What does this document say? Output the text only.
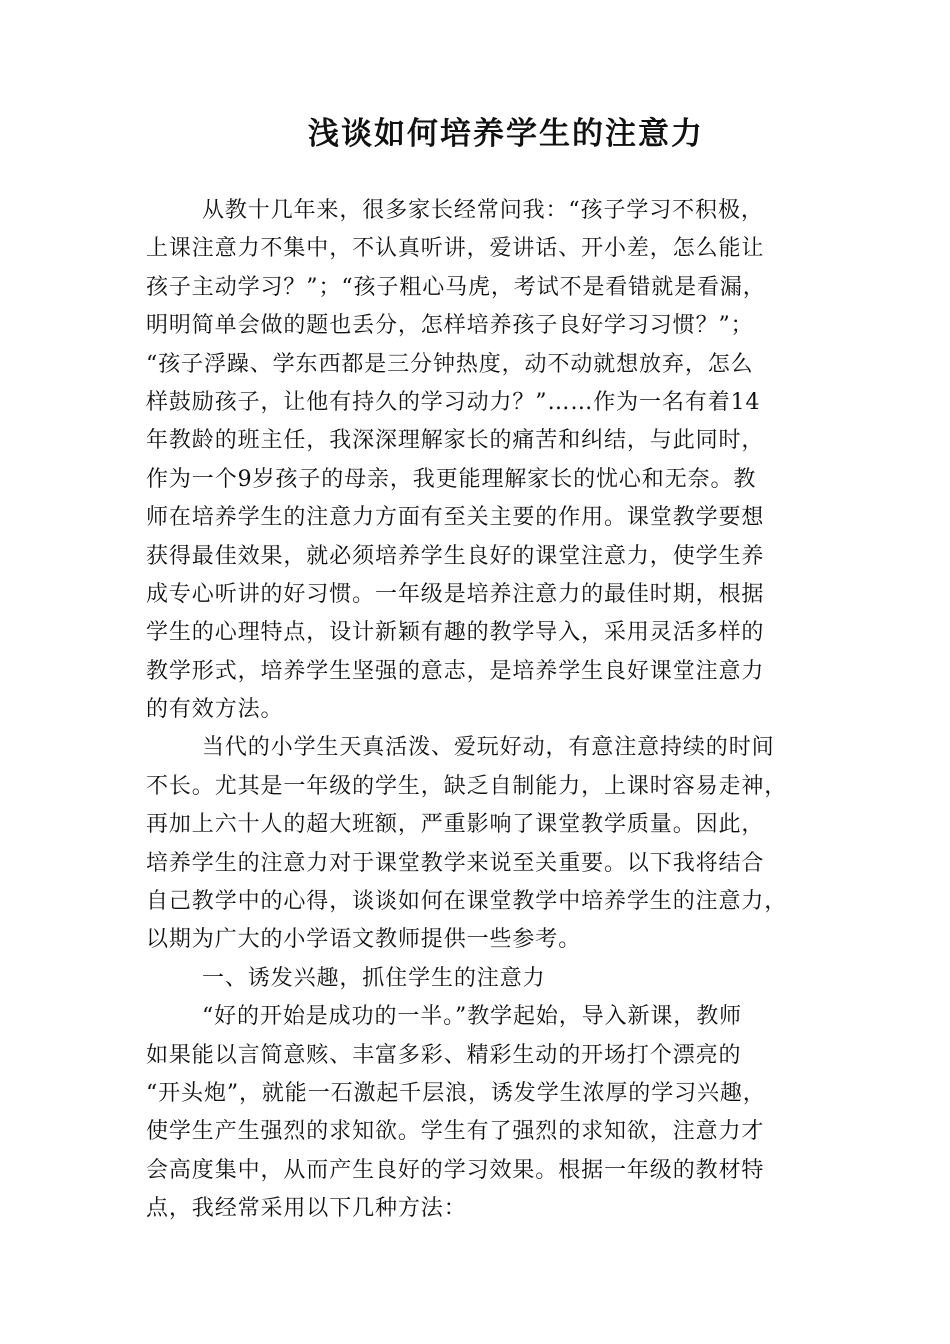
浅谈如何培养学生的注意力
从教十几年来，很多家长经常问我：“孩子学习不积极，
上课注意力不集中，不认真听讲，爱讲话、开小差，怎么能让
孩子主动学习？”；“孩子粗心马虎，考试不是看错就是看漏，
明明简单会做的题也丢分，怎样培养孩子良好学习习惯？”；
“孩子浮躁、学东西都是三分钟热度，动不动就想放弃，怎么
样鼓励孩子，让他有持久的学习动力？”……作为一名有着14
年教龄的班主任，我深深理解家长的痛苦和纠结，与此同时，
作为一个9岁孩子的母亲，我更能理解家长的忧心和无奈。教
师在培养学生的注意力方面有至关主要的作用。课堂教学要想
获得最佳效果，就必须培养学生良好的课堂注意力，使学生养
成专心听讲的好习惯。一年级是培养注意力的最佳时期，根据
学生的心理特点，设计新颖有趣的教学导入，采用灵活多样的
教学形式，培养学生坚强的意志，是培养学生良好课堂注意力
的有效方法。
当代的小学生天真活泼、爱玩好动，有意注意持续的时间
不长。尤其是一年级的学生，缺乏自制能力，上课时容易走神，
再加上六十人的超大班额，严重影响了课堂教学质量。因此，
培养学生的注意力对于课堂教学来说至关重要。以下我将结合
自己教学中的心得，谈谈如何在课堂教学中培养学生的注意力，
以期为广大的小学语文教师提供一些参考。
一、诱发兴趣，抓住学生的注意力
“好的开始是成功的一半。”教学起始，导入新课，教师
如果能以言简意赅、丰富多彩、精彩生动的开场打个漂亮的
“开头炮”，就能一石激起千层浪，诱发学生浓厚的学习兴趣，
使学生产生强烈的求知欲。学生有了强烈的求知欲，注意力才
会高度集中，从而产生良好的学习效果。根据一年级的教材特
点，我经常采用以下几种方法：
